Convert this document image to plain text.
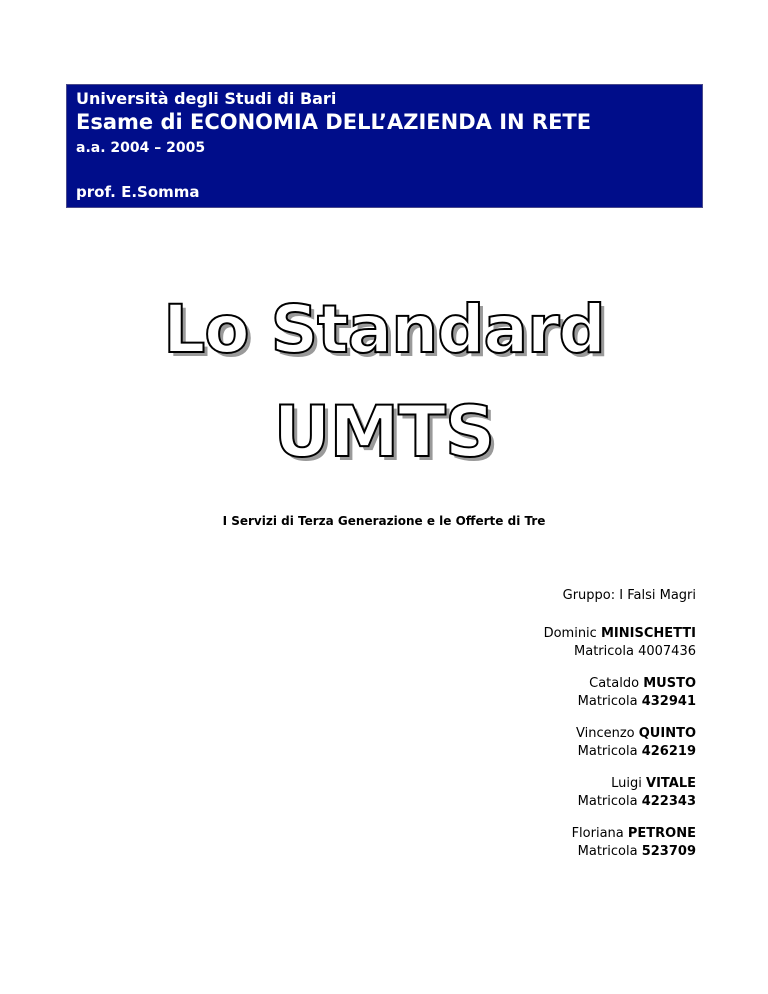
Università degli Studi di Bari
Esame di ECONOMIA DELL’AZIENDA IN RETE
a.a. 2004 – 2005
prof. E.Somma
Lo Standard
UMTS
I Servizi di Terza Generazione e le Offerte di Tre
Gruppo: I Falsi Magri
Dominic MINISCHETTI
Matricola 4007436
Cataldo MUSTO
Matricola 432941
Vincenzo QUINTO
Matricola 426219
Luigi VITALE
Matricola 422343
Floriana PETRONE
Matricola 523709
